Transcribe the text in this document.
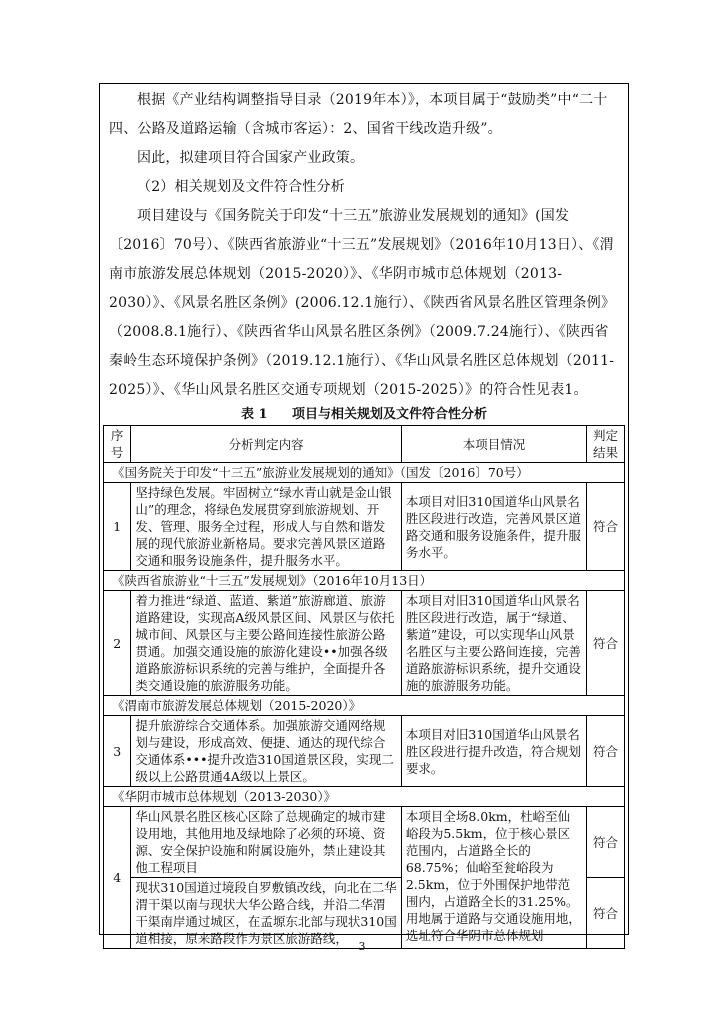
根据《产业结构调整指导目录（2019年本）》，本项目属于“鼓励类”中“二十四、公路及道路运输（含城市客运）：2、国省干线改造升级”。

因此，拟建项目符合国家产业政策。

（2）相关规划及文件符合性分析

项目建设与《国务院关于印发“十三五”旅游业发展规划的通知》(国发〔2016〕70号）、《陕西省旅游业“十三五”发展规划》（2016年10月13日）、《渭南市旅游发展总体规划（2015-2020）》、《华阴市城市总体规划（2013-2030）》、《风景名胜区条例》(2006.12.1施行）、《陕西省风景名胜区管理条例》（2008.8.1施行）、《陕西省华山风景名胜区条例》（2009.7.24施行）、《陕西省秦岭生态环境保护条例》（2019.12.1施行）、《华山风景名胜区总体规划（2011-2025）》、《华山风景名胜区交通专项规划（2015-2025）》的符合性见表1。

表 1 项目与相关规划及文件符合性分析

序号	分析判定内容	本项目情况	判定结果
《国务院关于印发“十三五”旅游业发展规划的通知》（国发〔2016〕70号）			
1	坚持绿色发展。牢固树立“绿水青山就是金山银山”的理念，将绿色发展贯穿到旅游规划、开发、管理、服务全过程，形成人与自然和谐发展的现代旅游业新格局。要求完善风景区道路交通和服务设施条件，提升服务水平。	本项目对旧310国道华山风景名胜区段进行改造，完善风景区道路交通和服务设施条件，提升服务水平。	符合
《陕西省旅游业“十三五”发展规划》（2016年10月13日）			
2	着力推进“绿道、蓝道、紫道”旅游廊道、旅游道路建设，实现高A级风景区间、风景区与依托城市间、风景区与主要公路间连接性旅游公路贯通。加强交通设施的旅游化建设••加强各级道路旅游标识系统的完善与维护，全面提升各类交通设施的旅游服务功能。	本项目对旧310国道华山风景名胜区段进行改造，属于“绿道、紫道”建设，可以实现华山风景名胜区与主要公路间连接，完善道路旅游标识系统，提升交通设施的旅游服务功能。	符合
《渭南市旅游发展总体规划（2015-2020）》			
3	提升旅游综合交通体系。加强旅游交通网络规划与建设，形成高效、便捷、通达的现代综合交通体系•••提升改造310国道景区段，实现二级以上公路贯通4A级以上景区。	本项目对旧310国道华山风景名胜区段进行提升改造，符合规划要求。	符合
《华阴市城市总体规划（2013-2030）》			
4	华山风景名胜区核心区除了总规确定的城市建设用地，其他用地及绿地除了必须的环境、资源、安全保护设施和附属设施外，禁止建设其他工程项目	本项目全场8.0km，杜峪至仙峪段为5.5km，位于核心景区范围内，占道路全长的68.75%；仙峪至瓮峪段为2.5km，位于外围保护地带范围内，占道路全长的31.25%。用地属于道路与交通设施用地，选址符合华阴市总体规划	符合
	现状310国道过境段自罗敷镇改线，向北在二华渭干渠以南与现状大华公路合线，并沿二华渭干渠南岸通过城区，在孟塬东北部与现状310国道相接，原来路段作为景区旅游路线，		符合
3
